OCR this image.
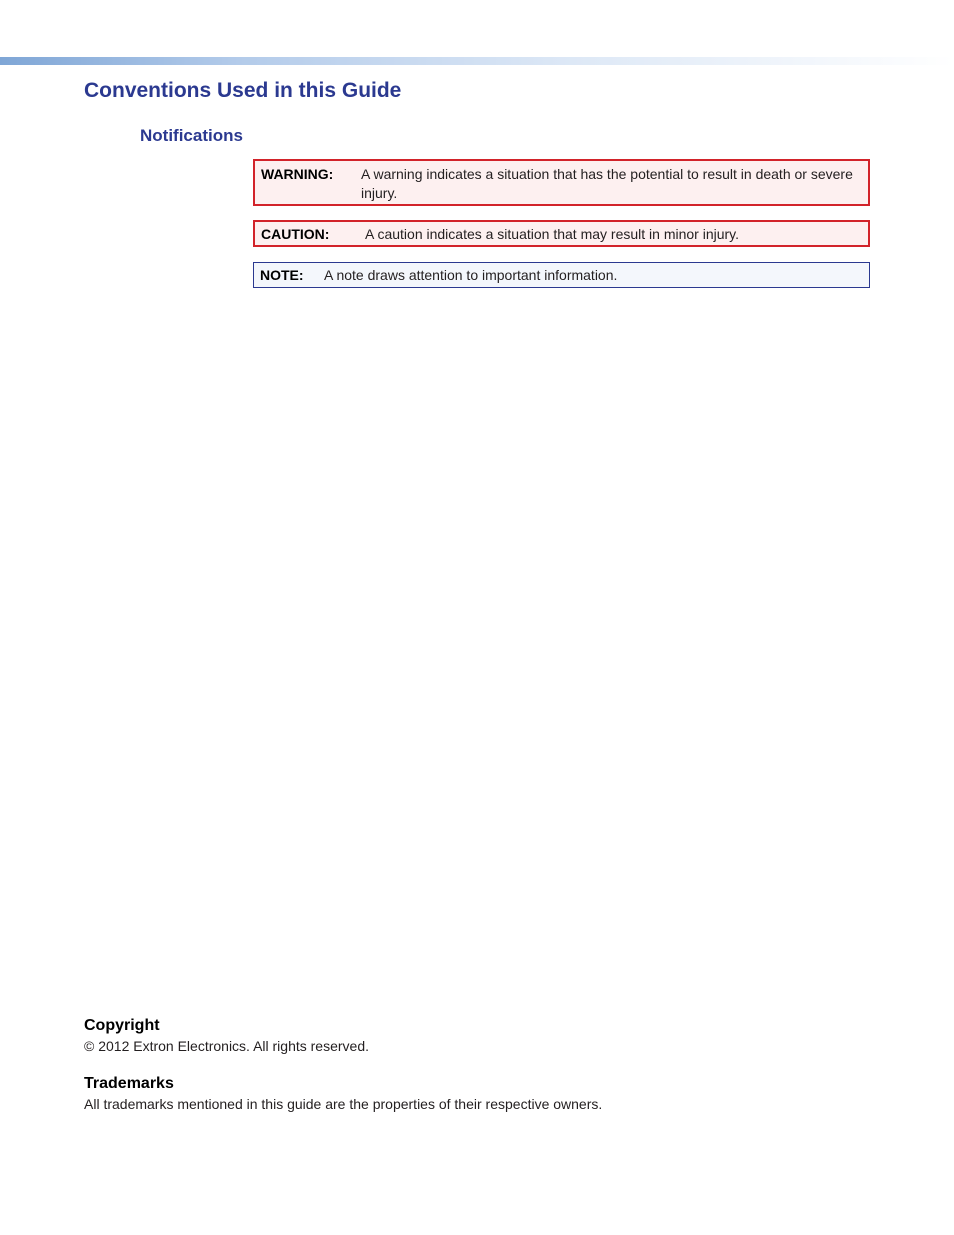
Conventions Used in this Guide
Notifications
WARNING: A warning indicates a situation that has the potential to result in death or severe injury.
CAUTION:	A caution indicates a situation that may result in minor injury.
NOTE: A note draws attention to important information.
Copyright

© 2012 Extron Electronics. All rights reserved.

Trademarks

All trademarks mentioned in this guide are the properties of their respective owners.
